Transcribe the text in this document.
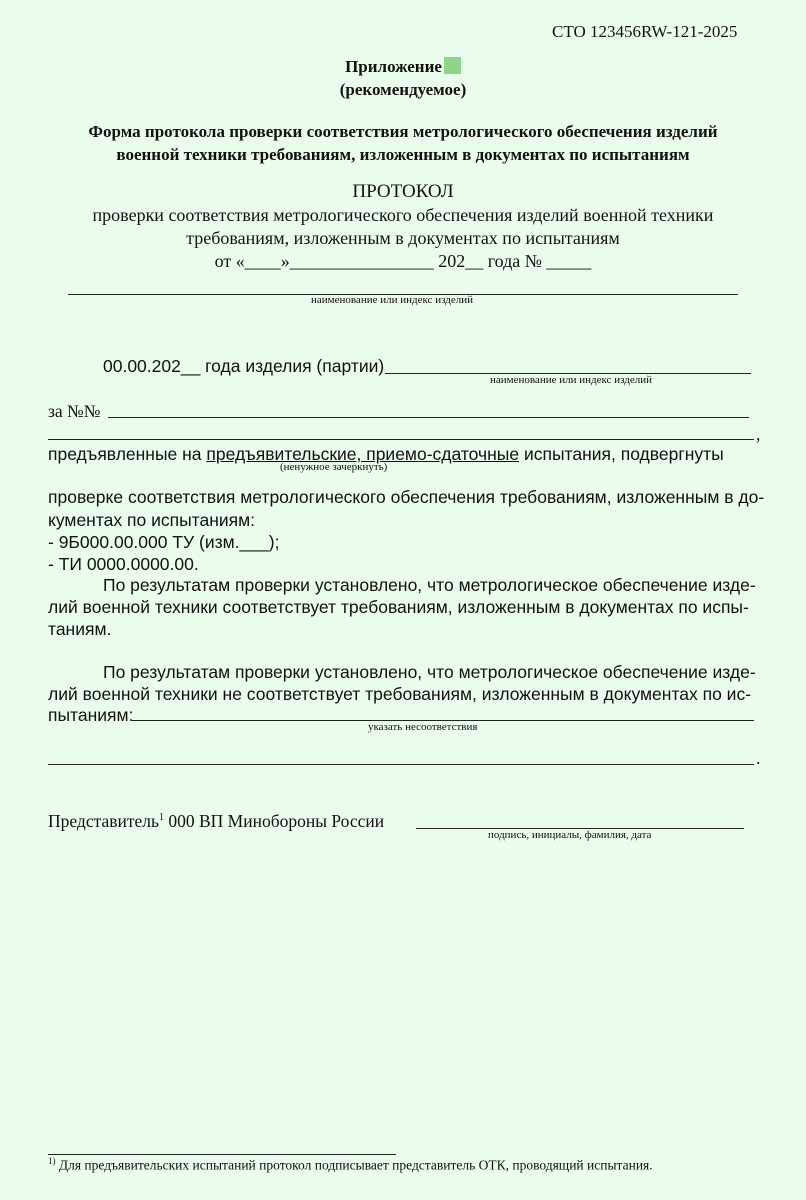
СТО 123456RW-121-2025
Приложение
(рекомендуемое)
Форма протокола проверки соответствия метрологического обеспечения изделий
военной техники требованиям, изложенным в документах по испытаниям
ПРОТОКОЛ
проверки соответствия метрологического обеспечения изделий военной техники
требованиям, изложенным в документах по испытаниям
от «____»________________ 202__ года № _____
наименование или индекс изделий
00.00.202__ года изделия (партии)
наименование или индекс изделий
за №№
,
предъявленные на предъявительские, приемо-сдаточные испытания, подвергнуты
(ненужное зачеркнуть)
проверке соответствия метрологического обеспечения требованиям, изложенным в до-
кументах по испытаниям:
- 9Б000.00.000 ТУ (изм.___);
- ТИ 0000.0000.00.
По результатам проверки установлено, что метрологическое обеспечение изде-
лий военной техники соответствует требованиям, изложенным в документах по испы-
таниям.
По результатам проверки установлено, что метрологическое обеспечение изде-
лий военной техники не соответствует требованиям, изложенным в документах по ис-
пытаниям:
указать несоответствия
.
Представитель$^1$ 000 ВП Минобороны России
подпись, инициалы, фамилия, дата
$^{1)}$ Для предъявительских испытаний протокол подписывает представитель ОТК, проводящий испытания.
